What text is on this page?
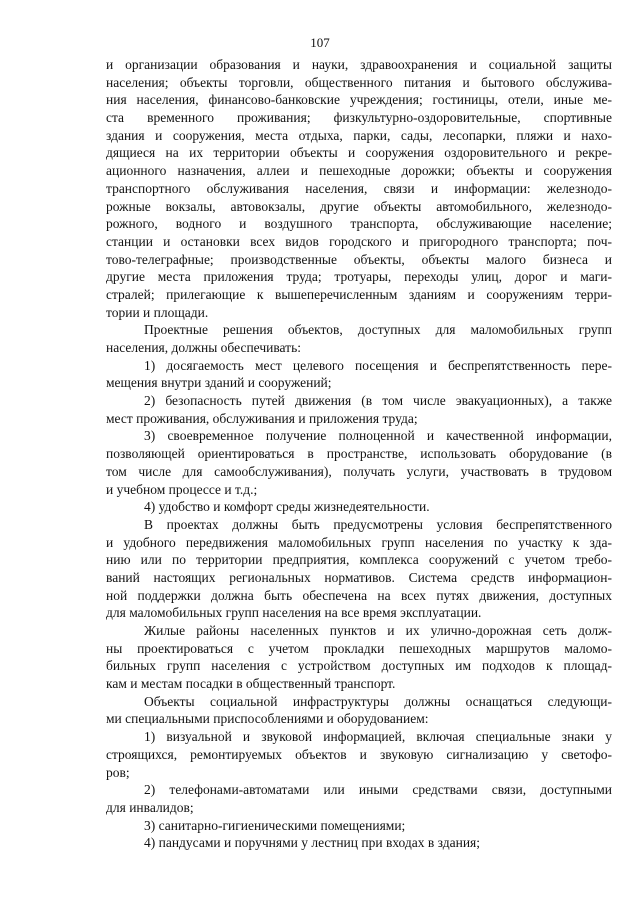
107
и организации образования и науки, здравоохранения и социальной защиты
населения; объекты торговли, общественного питания и бытового обслужива-
ния населения, финансово-банковские учреждения; гостиницы, отели, иные ме-
ста временного проживания; физкультурно-оздоровительные, спортивные
здания и сооружения, места отдыха, парки, сады, лесопарки, пляжи и нахо-
дящиеся на их территории объекты и сооружения оздоровительного и рекре-
ационного назначения, аллеи и пешеходные дорожки; объекты и сооружения
транспортного обслуживания населения, связи и информации: железнодо-
рожные вокзалы, автовокзалы, другие объекты автомобильного, железнодо-
рожного, водного и воздушного транспорта, обслуживающие население;
станции и остановки всех видов городского и пригородного транспорта; поч-
тово-телеграфные; производственные объекты, объекты малого бизнеса и
другие места приложения труда; тротуары, переходы улиц, дорог и маги-
стралей; прилегающие к вышеперечисленным зданиям и сооружениям терри-
тории и площади.
Проектные решения объектов, доступных для маломобильных групп
населения, должны обеспечивать:
1) досягаемость мест целевого посещения и беспрепятственность пере-
мещения внутри зданий и сооружений;
2) безопасность путей движения (в том числе эвакуационных), а также
мест проживания, обслуживания и приложения труда;
3) своевременное получение полноценной и качественной информации,
позволяющей ориентироваться в пространстве, использовать оборудование (в
том числе для самообслуживания), получать услуги, участвовать в трудовом
и учебном процессе и т.д.;
4) удобство и комфорт среды жизнедеятельности.
В проектах должны быть предусмотрены условия беспрепятственного
и удобного передвижения маломобильных групп населения по участку к зда-
нию или по территории предприятия, комплекса сооружений с учетом требо-
ваний настоящих региональных нормативов. Система средств информацион-
ной поддержки должна быть обеспечена на всех путях движения, доступных
для маломобильных групп населения на все время эксплуатации.
Жилые районы населенных пунктов и их улично-дорожная сеть долж-
ны проектироваться с учетом прокладки пешеходных маршрутов маломо-
бильных групп населения с устройством доступных им подходов к площад-
кам и местам посадки в общественный транспорт.
Объекты социальной инфраструктуры должны оснащаться следующи-
ми специальными приспособлениями и оборудованием:
1) визуальной и звуковой информацией, включая специальные знаки у
строящихся, ремонтируемых объектов и звуковую сигнализацию у светофо-
ров;
2) телефонами-автоматами или иными средствами связи, доступными
для инвалидов;
3) санитарно-гигиеническими помещениями;
4) пандусами и поручнями у лестниц при входах в здания;
